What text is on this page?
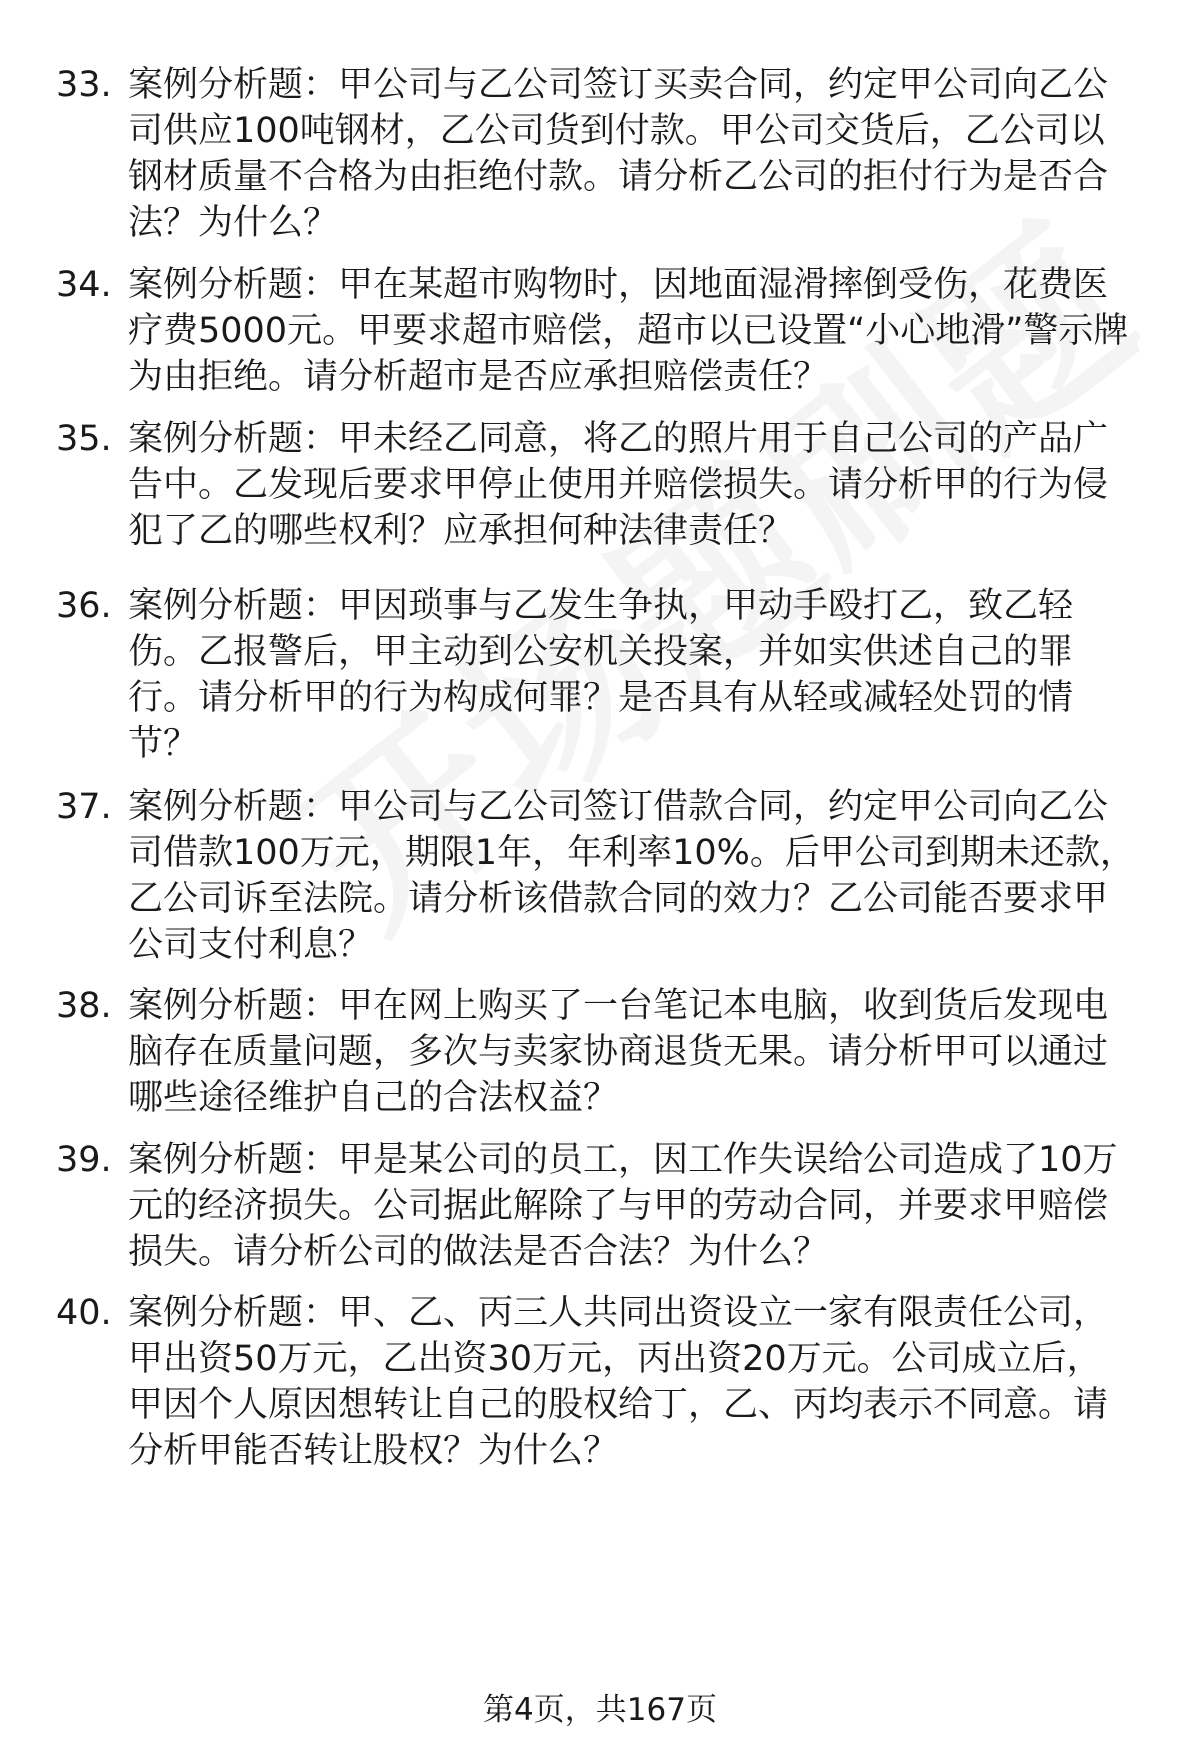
33. 案例分析题：甲公司与乙公司签订买卖合同，约定甲公司向乙公司供应100吨钢材，乙公司货到付款。甲公司交货后，乙公司以钢材质量不合格为由拒绝付款。请分析乙公司的拒付行为是否合法？为什么？
34. 案例分析题：甲在某超市购物时，因地面湿滑摔倒受伤，花费医疗费5000元。甲要求超市赔偿，超市以已设置“小心地滑”警示牌为由拒绝。请分析超市是否应承担赔偿责任？
35. 案例分析题：甲未经乙同意，将乙的照片用于自己公司的产品广告中。乙发现后要求甲停止使用并赔偿损失。请分析甲的行为侵犯了乙的哪些权利？应承担何种法律责任？
36. 案例分析题：甲因琐事与乙发生争执，甲动手殴打乙，致乙轻伤。乙报警后，甲主动到公安机关投案，并如实供述自己的罪行。请分析甲的行为构成何罪？是否具有从轻或减轻处罚的情节？
37. 案例分析题：甲公司与乙公司签订借款合同，约定甲公司向乙公司借款100万元，期限1年，年利率10%。后甲公司到期未还款，乙公司诉至法院。请分析该借款合同的效力？乙公司能否要求甲公司支付利息？
38. 案例分析题：甲在网上购买了一台笔记本电脑，收到货后发现电脑存在质量问题，多次与卖家协商退货无果。请分析甲可以通过哪些途径维护自己的合法权益？
39. 案例分析题：甲是某公司的员工，因工作失误给公司造成了10万元的经济损失。公司据此解除了与甲的劳动合同，并要求甲赔偿损失。请分析公司的做法是否合法？为什么？
40. 案例分析题：甲、乙、丙三人共同出资设立一家有限责任公司，甲出资50万元，乙出资30万元，丙出资20万元。公司成立后，甲因个人原因想转让自己的股权给丁，乙、丙均表示不同意。请分析甲能否转让股权？为什么？
第4页，共167页
